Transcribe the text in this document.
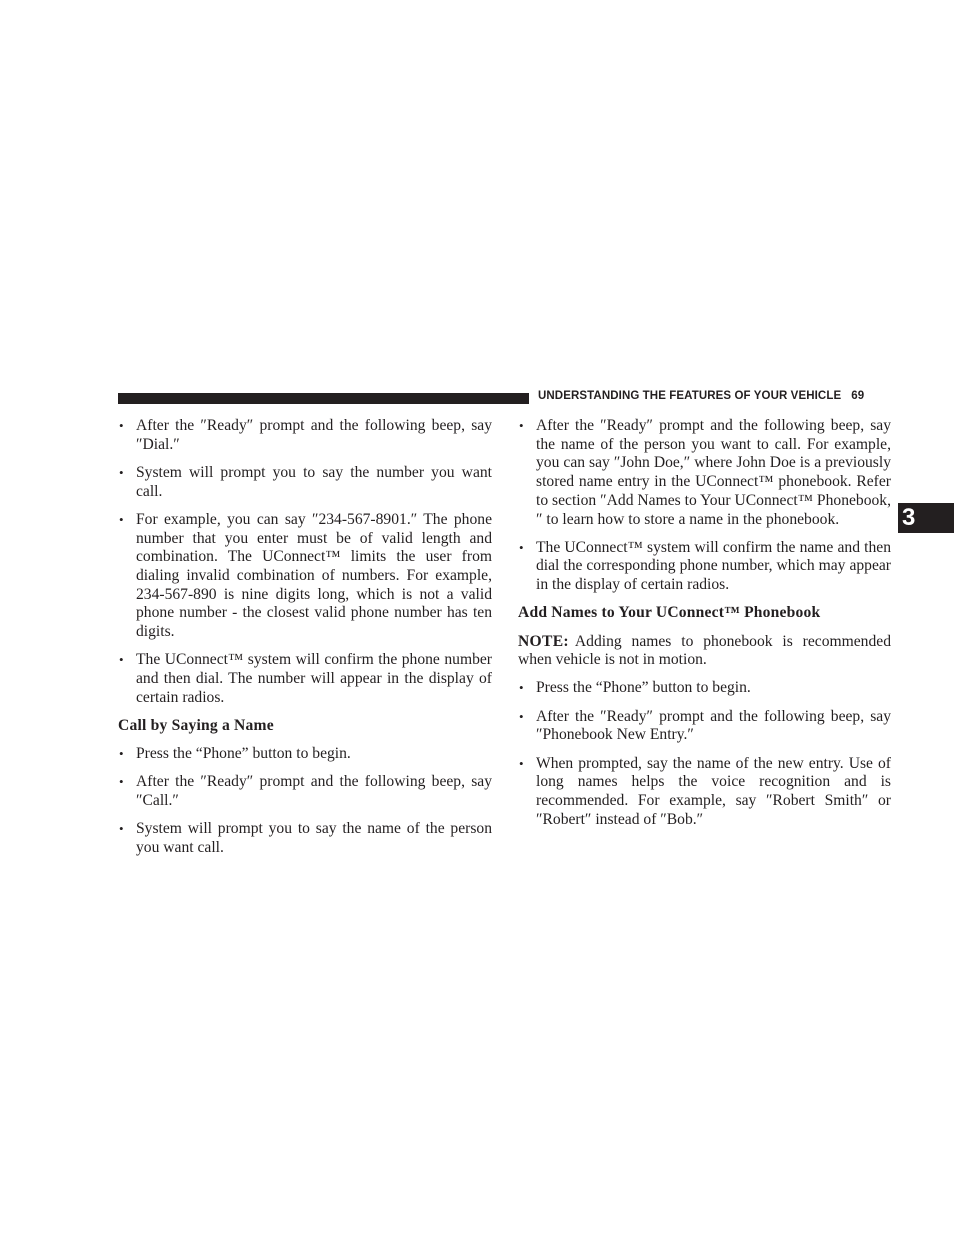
UNDERSTANDING THE FEATURES OF YOUR VEHICLE 69
3
• After the ″Ready″ prompt and the following beep, say ″Dial.″
• System will prompt you to say the number you want call.
• For example, you can say ″234-567-8901.″ The phone number that you enter must be of valid length and combination. The UConnect™ limits the user from dialing invalid combination of numbers. For example, 234-567-890 is nine digits long, which is not a valid phone number - the closest valid phone number has ten digits.
• The UConnect™ system will confirm the phone number and then dial. The number will appear in the display of certain radios.
Call by Saying a Name
• Press the “Phone” button to begin.
• After the ″Ready″ prompt and the following beep, say ″Call.″
• System will prompt you to say the name of the person you want call.
• After the ″Ready″ prompt and the following beep, say the name of the person you want to call. For example, you can say ″John Doe,″ where John Doe is a previously stored name entry in the UConnect™ phonebook. Refer to section ″Add Names to Your UConnect™ Phonebook,″ to learn how to store a name in the phonebook.
• The UConnect™ system will confirm the name and then dial the corresponding phone number, which may appear in the display of certain radios.
Add Names to Your UConnect™ Phonebook
NOTE: Adding names to phonebook is recommended when vehicle is not in motion.
• Press the “Phone” button to begin.
• After the ″Ready″ prompt and the following beep, say ″Phonebook New Entry.″
• When prompted, say the name of the new entry. Use of long names helps the voice recognition and is recommended. For example, say ″Robert Smith″ or ″Robert″ instead of ″Bob.″
